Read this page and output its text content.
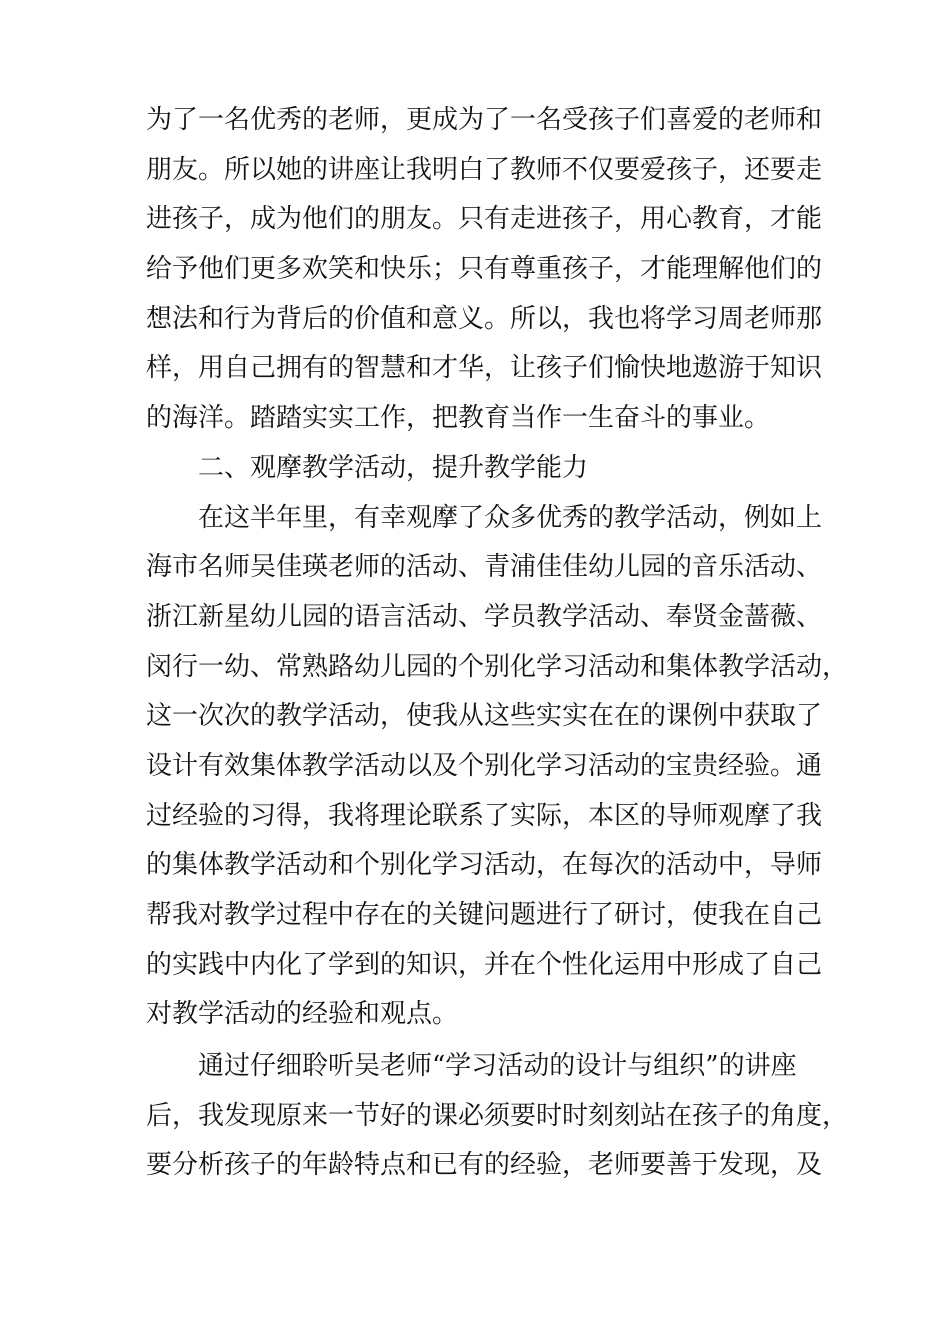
为了一名优秀的老师，更成为了一名受孩子们喜爱的老师和
朋友。所以她的讲座让我明白了教师不仅要爱孩子，还要走
进孩子，成为他们的朋友。只有走进孩子，用心教育，才能
给予他们更多欢笑和快乐；只有尊重孩子，才能理解他们的
想法和行为背后的价值和意义。所以，我也将学习周老师那
样，用自己拥有的智慧和才华，让孩子们愉快地遨游于知识
的海洋。踏踏实实工作，把教育当作一生奋斗的事业。
二、观摩教学活动，提升教学能力
在这半年里，有幸观摩了众多优秀的教学活动，例如上
海市名师吴佳瑛老师的活动、青浦佳佳幼儿园的音乐活动、
浙江新星幼儿园的语言活动、学员教学活动、奉贤金蔷薇、
闵行一幼、常熟路幼儿园的个别化学习活动和集体教学活动，
这一次次的教学活动，使我从这些实实在在的课例中获取了
设计有效集体教学活动以及个别化学习活动的宝贵经验。通
过经验的习得，我将理论联系了实际，本区的导师观摩了我
的集体教学活动和个别化学习活动，在每次的活动中，导师
帮我对教学过程中存在的关键问题进行了研讨，使我在自己
的实践中内化了学到的知识，并在个性化运用中形成了自己
对教学活动的经验和观点。
通过仔细聆听吴老师“学习活动的设计与组织”的讲座
后，我发现原来一节好的课必须要时时刻刻站在孩子的角度，
要分析孩子的年龄特点和已有的经验，老师要善于发现，及
